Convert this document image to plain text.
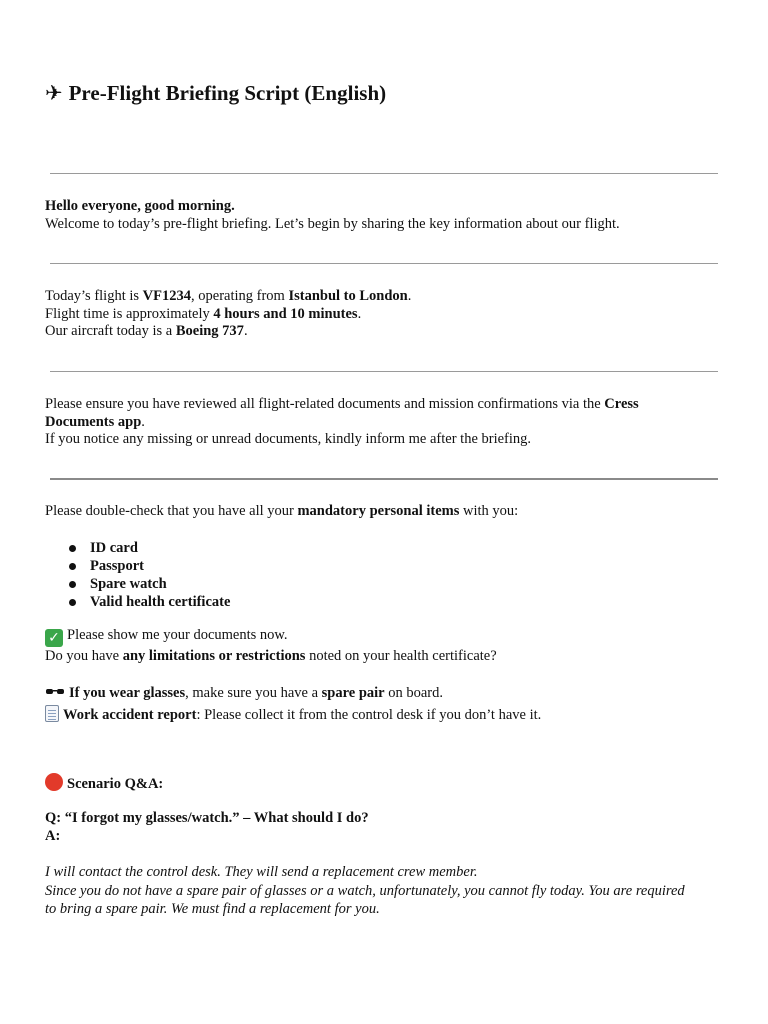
✈ Pre-Flight Briefing Script (English)
Hello everyone, good morning.
Welcome to today’s pre-flight briefing. Let’s begin by sharing the key information about our flight.
Today’s flight is VF1234, operating from Istanbul to London.
Flight time is approximately 4 hours and 10 minutes.
Our aircraft today is a Boeing 737.
Please ensure you have reviewed all flight-related documents and mission confirmations via the Cress
Documents app.
If you notice any missing or unread documents, kindly inform me after the briefing.
Please double-check that you have all your mandatory personal items with you:
ID card
Passport
Spare watch
Valid health certificate
✓ Please show me your documents now.
Do you have any limitations or restrictions noted on your health certificate?
If you wear glasses, make sure you have a spare pair on board.
Work accident report: Please collect it from the control desk if you don’t have it.
Scenario Q&A:
Q: “I forgot my glasses/watch.” – What should I do?
A:
I will contact the control desk. They will send a replacement crew member.
Since you do not have a spare pair of glasses or a watch, unfortunately, you cannot fly today. You are required
to bring a spare pair. We must find a replacement for you.
